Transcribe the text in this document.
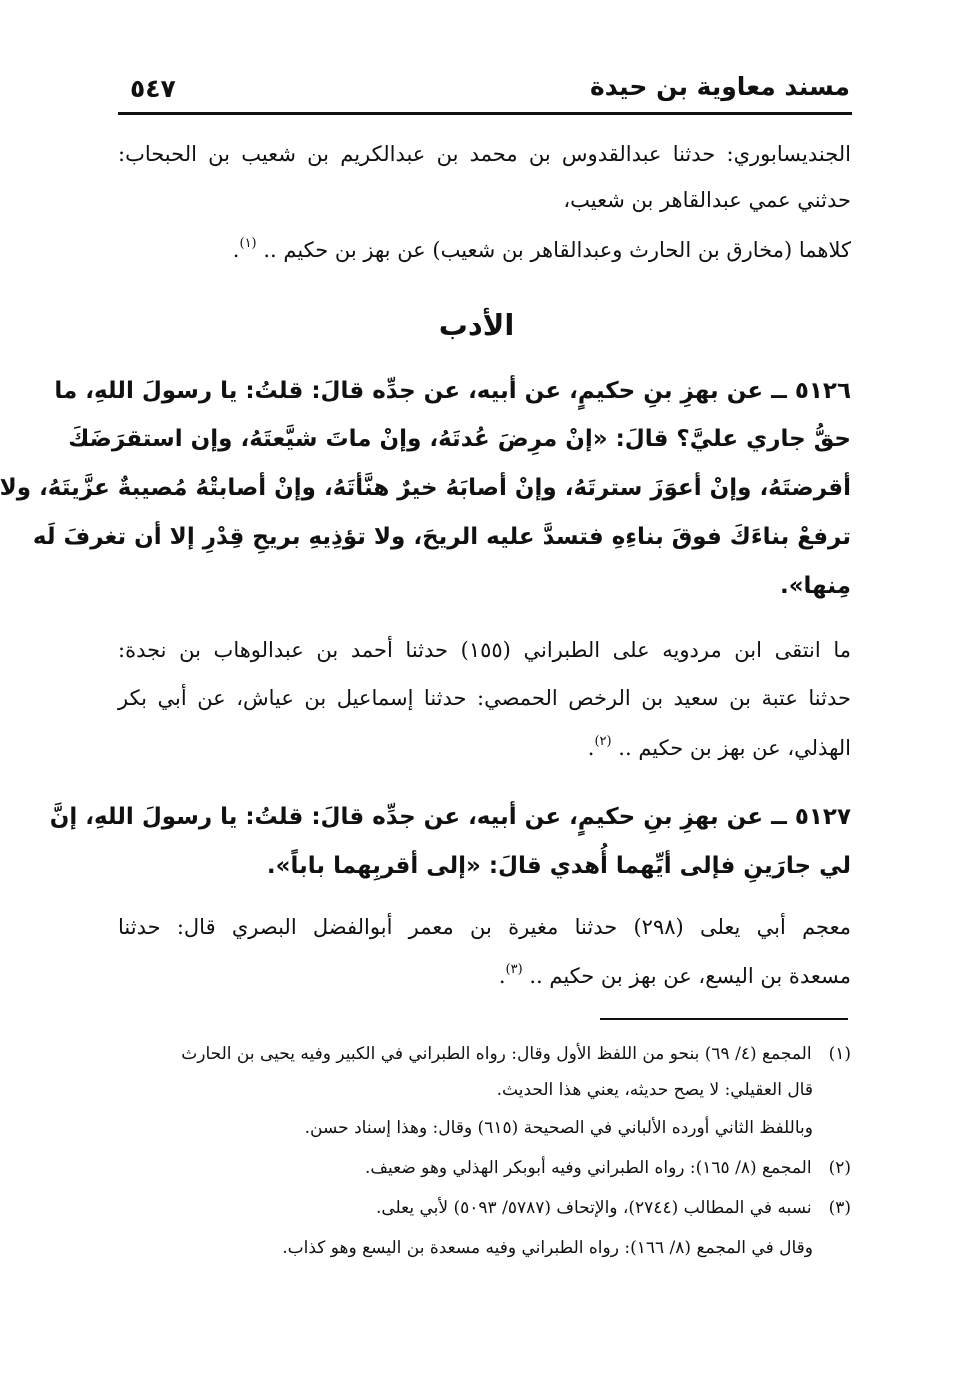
٥٤٧	مسند معاوية بن حيدة
الجنديسابوري: حدثنا عبدالقدوس بن محمد بن عبدالكريم بن شعيب بن الحبحاب:
حدثني عمي عبدالقاهر بن شعيب،
كلاهما (مخارق بن الحارث وعبدالقاهر بن شعيب) عن بهز بن حكيم .. $^{(١)}$.
الأدب
٥١٢٦ ــ عن بهزِ بنِ حكيمٍ، عن أبيه، عن جدِّه قالَ: قلتُ: يا رسولَ اللهِ، ما
حقُّ جاري عليَّ؟ قالَ: «إنْ مرِضَ عُدتَهُ، وإنْ ماتَ شيَّعتَهُ، وإن استقرَضَكَ
أقرضتَهُ، وإنْ أعوَزَ سترتَهُ، وإنْ أصابَهُ خيرٌ هنَّأتَهُ، وإنْ أصابتْهُ مُصيبةٌ عزَّيتَهُ، ولا
ترفعْ بناءَكَ فوقَ بناءِهِ فتسدَّ عليه الريحَ، ولا تؤذِيهِ بريحِ قِدْرِ إلا أن تغرفَ لَه
مِنها».
ما انتقى ابن مردويه على الطبراني (١٥٥) حدثنا أحمد بن عبدالوهاب بن نجدة:
حدثنا عتبة بن سعيد بن الرخص الحمصي: حدثنا إسماعيل بن عياش، عن أبي بكر
الهذلي، عن بهز بن حكيم .. $^{(٢)}$.
٥١٢٧ ــ عن بهزِ بنِ حكيمٍ، عن أبيه، عن جدِّه قالَ: قلتُ: يا رسولَ اللهِ، إنَّ
لي جارَينِ فإلى أيِّهما أُهدي قالَ: «إلى أقربِهما باباً».
معجم أبي يعلى (٢٩٨) حدثنا مغيرة بن معمر أبوالفضل البصري قال: حدثنا
مسعدة بن اليسع، عن بهز بن حكيم .. $^{(٣)}$.
(١) المجمع (٤/ ٦٩) بنحو من اللفظ الأول وقال: رواه الطبراني في الكبير وفيه يحيى بن الحارث
قال العقيلي: لا يصح حديثه، يعني هذا الحديث.
وباللفظ الثاني أورده الألباني في الصحيحة (٦١٥) وقال: وهذا إسناد حسن.
(٢) المجمع (٨/ ١٦٥): رواه الطبراني وفيه أبوبكر الهذلي وهو ضعيف.
(٣) نسبه في المطالب (٢٧٤٤)، والإتحاف (٥٧٨٧/ ٥٠٩٣) لأبي يعلى.
وقال في المجمع (٨/ ١٦٦): رواه الطبراني وفيه مسعدة بن اليسع وهو كذاب.
